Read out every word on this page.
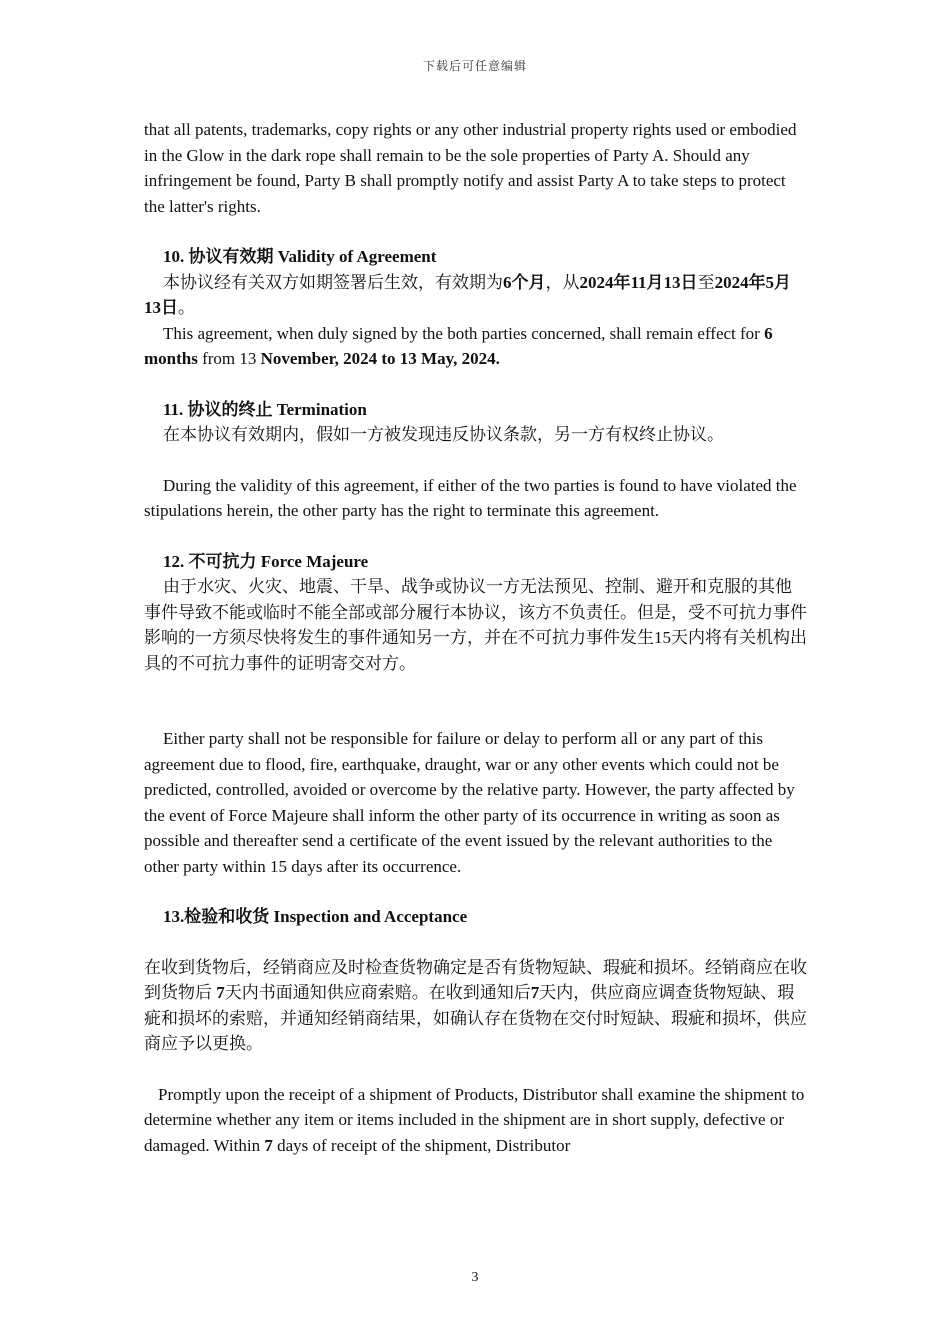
下载后可任意编辑

that all patents, trademarks, copy rights or any other industrial property rights used or embodied in the Glow in the dark rope shall remain to be the sole properties of Party A. Should any infringement be found, Party B shall promptly notify and assist Party A to take steps to protect the latter's rights.

10. 协议有效期 Validity of Agreement

本协议经有关双方如期签署后生效，有效期为6个月，从2024年11月13日至2024年5月13日。

This agreement, when duly signed by the both parties concerned, shall remain effect for 6 months from 13 November, 2024 to 13 May, 2024.

11. 协议的终止 Termination

在本协议有效期内，假如一方被发现违反协议条款，另一方有权终止协议。

During the validity of this agreement, if either of the two parties is found to have violated the stipulations herein, the other party has the right to terminate this agreement.

12. 不可抗力 Force Majeure

由于水灾、火灾、地震、干旱、战争或协议一方无法预见、控制、避开和克服的其他事件导致不能或临时不能全部或部分履行本协议，该方不负责任。但是，受不可抗力事件影响的一方须尽快将发生的事件通知另一方，并在不可抗力事件发生15天内将有关机构出具的不可抗力事件的证明寄交对方。

Either party shall not be responsible for failure or delay to perform all or any part of this agreement due to flood, fire, earthquake, draught, war or any other events which could not be predicted, controlled, avoided or overcome by the relative party. However, the party affected by the event of Force Majeure shall inform the other party of its occurrence in writing as soon as possible and thereafter send a certificate of the event issued by the relevant authorities to the other party within 15 days after its occurrence.

13.检验和收货 Inspection and Acceptance

在收到货物后，经销商应及时检查货物确定是否有货物短缺、瑕疵和损坏。经销商应在收到货物后 7天内书面通知供应商索赔。在收到通知后7天内，供应商应调查货物短缺、瑕疵和损坏的索赔，并通知经销商结果，如确认存在货物在交付时短缺、瑕疵和损坏，供应商应予以更换。

Promptly upon the receipt of a shipment of Products, Distributor shall examine the shipment to determine whether any item or items included in the shipment are in short supply, defective or damaged. Within 7 days of receipt of the shipment, Distributor

3
